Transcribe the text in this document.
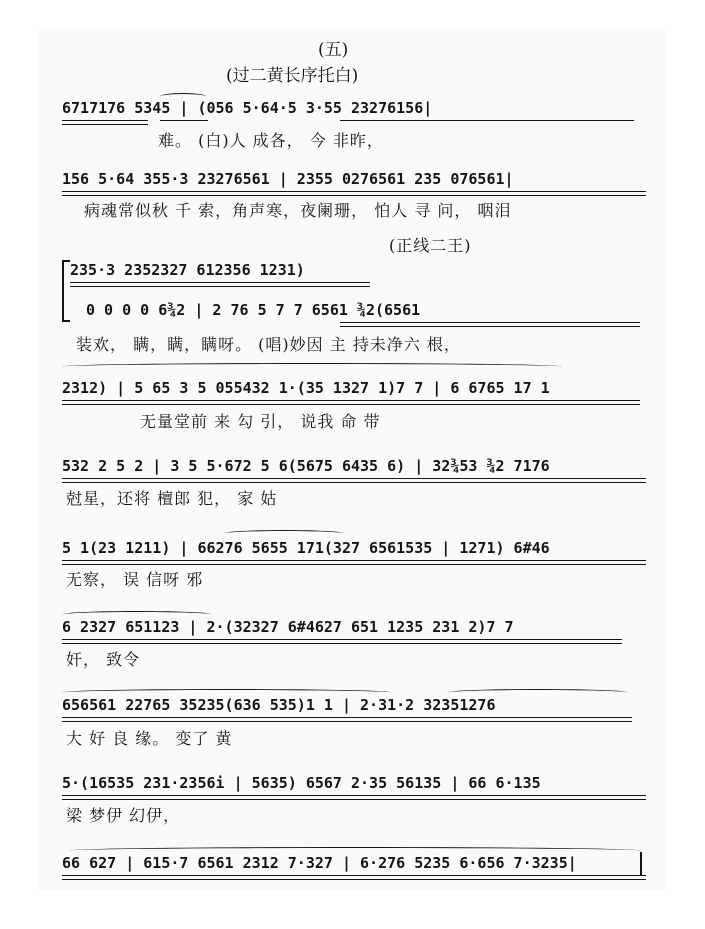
(五)
(过二黄长序托白)
6717176 5345 | (056 5·64·5 3·55 23276156|
难。 (白)人 成各， 今 非昨，
156 5·64 355·3 23276561 | 2355 0276561 235 076561|
病魂常似秋 千 索，角声寒，夜阑珊， 怕人 寻 问， 咽泪
(正线二王)
235·3 2352327 612356 1231)
0 0 0 0 6¾2 | 2 76 5 7 7 6561 ¾2(6561
装欢， 瞒，瞒，瞒呀。 (唱)妙因 主 持未净六 根，
2312) | 5 65 3 5 055432 1·(35 1327 1)7 7 | 6 6765 17 1
无量堂前 来 勾 引， 说我 命 带
532 2 5 2 | 3 5 5·672 5 6(5675 6435 6) | 32¾53 ¾2 7176
尅星，还将 檀郎 犯， 家 姑
5 1(23 1211) | 66276 5655 171(327 6561535 | 1271) 6#46
无察， 误 信呀 邪
6 2327 651123 | 2·(32327 6#4627 651 1235 231 2)7 7
奸， 致令
656561 22765 35235(636 535)1 1 | 2·31·2 32351276
大 好 良 缘。 变了 黄
5·(16535 231·2356i | 5635) 6567 2·35 56135 | 66 6·135
梁 梦伊 幻伊，
66 627 | 615·7 6561 2312 7·327 | 6·276 5235 6·656 7·3235|
